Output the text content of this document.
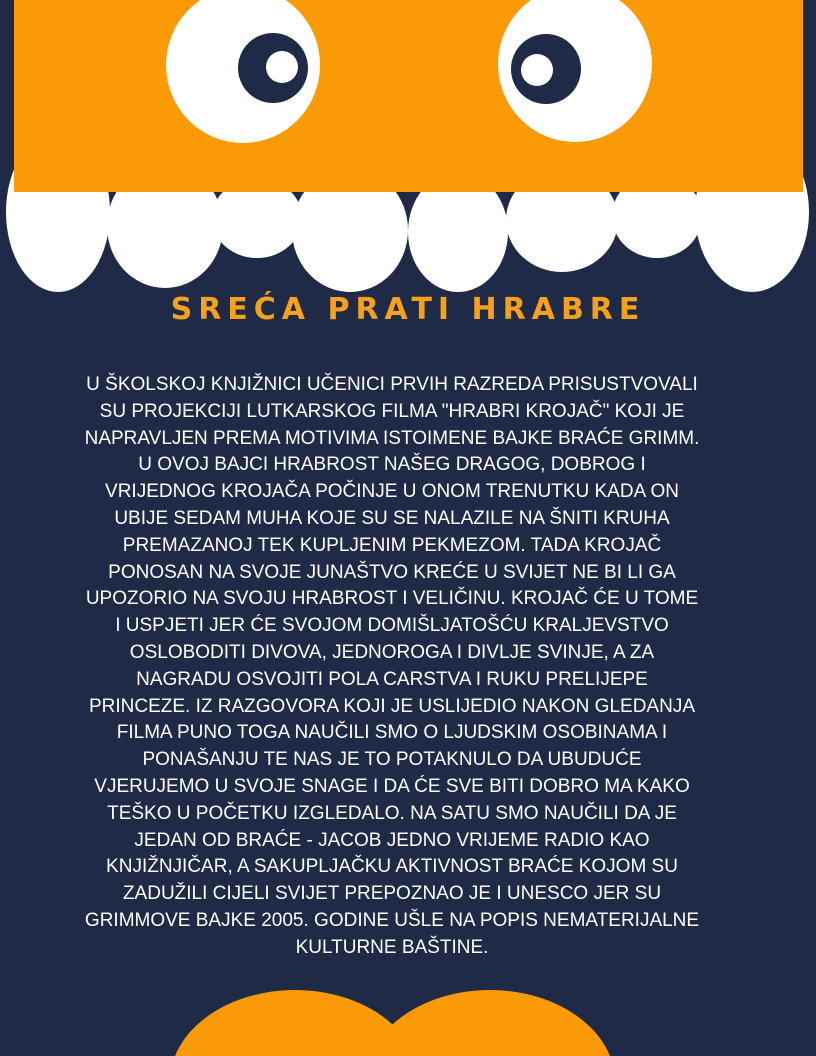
SREĆA PRATI HRABRE

U ŠKOLSKOJ KNJIŽNICI UČENICI PRVIH RAZREDA PRISUSTVOVALI SU PROJEKCIJI LUTKARSKOG FILMA "HRABRI KROJAČ" KOJI JE NAPRAVLJEN PREMA MOTIVIMA ISTOIMENE BAJKE BRAĆE GRIMM. U OVOJ BAJCI HRABROST NAŠEG DRAGOG, DOBROG I VRIJEDNOG KROJAČA POČINJE U ONOM TRENUTKU KADA ON UBIJE SEDAM MUHA KOJE SU SE NALAZILE NA ŠNITI KRUHA PREMAZANOJ TEK KUPLJENIM PEKMEZOM. TADA KROJAČ PONOSAN NA SVOJE JUNAŠTVO KREĆE U SVIJET NE BI LI GA UPOZORIO NA SVOJU HRABROST I VELIČINU. KROJAČ ĆE U TOME I USPJETI JER ĆE SVOJOM DOMIŠLJATOŠĆU KRALJEVSTVO OSLOBODITI DIVOVA, JEDNOROGA I DIVLJE SVINJE, A ZA NAGRADU OSVOJITI POLA CARSTVA I RUKU PRELIJEPE PRINCEZE. IZ RAZGOVORA KOJI JE USLIJEDIO NAKON GLEDANJA FILMA PUNO TOGA NAUČILI SMO O LJUDSKIM OSOBINAMA I PONAŠANJU TE NAS JE TO POTAKNULO DA UBUDUĆE VJERUJEMO U SVOJE SNAGE I DA ĆE SVE BITI DOBRO MA KAKO TEŠKO U POČETKU IZGLEDALO. NA SATU SMO NAUČILI DA JE JEDAN OD BRAĆE - JACOB JEDNO VRIJEME RADIO KAO KNJIŽNJIČAR, A SAKUPLJAČKU AKTIVNOST BRAĆE KOJOM SU ZADUŽILI CIJELI SVIJET PREPOZNAO JE I UNESCO JER SU GRIMMOVE BAJKE 2005. GODINE UŠLE NA POPIS NEMATERIJALNE KULTURNE BAŠTINE.
